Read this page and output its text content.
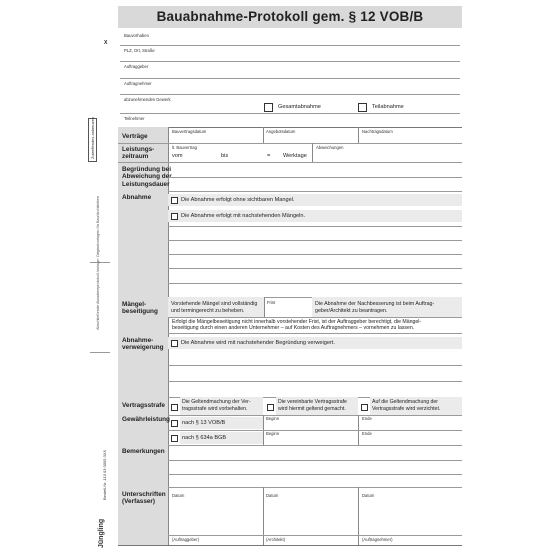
X
Zutreffendes ankreuzen
Abschließende Abnahmeprotokoll-Vorlage: Originalvorlagen für Bau/Architekten
Jüngling
Bestell-Nr. 110 03 0005 0XX
Bauabnahme-Protokoll gem. § 12 VOB/B
Bauvorhaben
PLZ, Ort, Straße
Auftraggeber
Auftragnehmer
abzunehmendes Gewerk
Gesamtabnahme	Teilabnahme
Teilnehmer
Verträge
Bauvertragsdatum	Angebotsdatum	Nachtragsdatum
Leistungs-
zeitraum
lt. Bauvertrag	Abweichungen
vom	bis	= Werktage
Begründung bei
Abweichung der
Leistungsdauer
Abnahme	Die Abnahme erfolgt ohne sichtbaren Mangel.
Die Abnahme erfolgt mit nachstehenden Mängeln.
Mängel-
beseitigung
Vorstehende Mängel sind vollständig
und termingerecht zu beheben.
Frist	Die Abnahme der Nachbesserung ist beim Auftrag-
geber/Architekt zu beantragen.
Erfolgt die Mängelbeseitigung nicht innerhalb vorstehender Frist, ist der Auftraggeber berechtigt, die Mängel-
beseitigung durch einen anderen Unternehmer – auf Kosten des Auftragnehmers – vornehmen zu lassen.
Abnahme-
verweigerung
Die Abnahme wird mit nachstehender Begründung verweigert.
Vertragsstrafe	Die Geltendmachung der Ver-
tragsstrafe wird vorbehalten.
Die vereinbarte Vertragsstrafe
wird hiermit geltend gemacht.
Auf die Geltendmachung der
Vertragsstrafe wird verzichtet.
Gewährleistung nach § 13 VOB/B
Beginn	Ende
nach § 634a BGB
Beginn	Ende
Bemerkungen
Unterschriften
(Verfasser)
Datum	Datum	Datum
(Auftraggeber)	(Architekt)	(Auftragnehmer)
